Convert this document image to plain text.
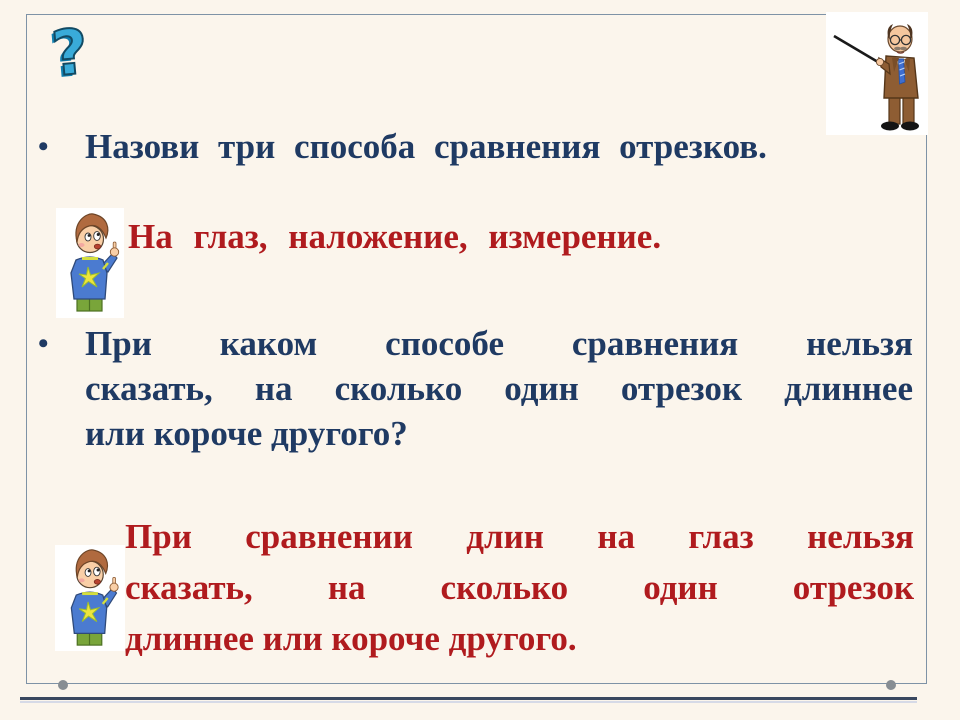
?
•	Назови три способа сравнения отрезков.
На глаз, наложение, измерение.
•	При каком способе сравнения нельзя
сказать, на сколько один отрезок длиннее
или короче другого?
При сравнении длин на глаз нельзя
сказать, на сколько один отрезок
длиннее или короче другого.
